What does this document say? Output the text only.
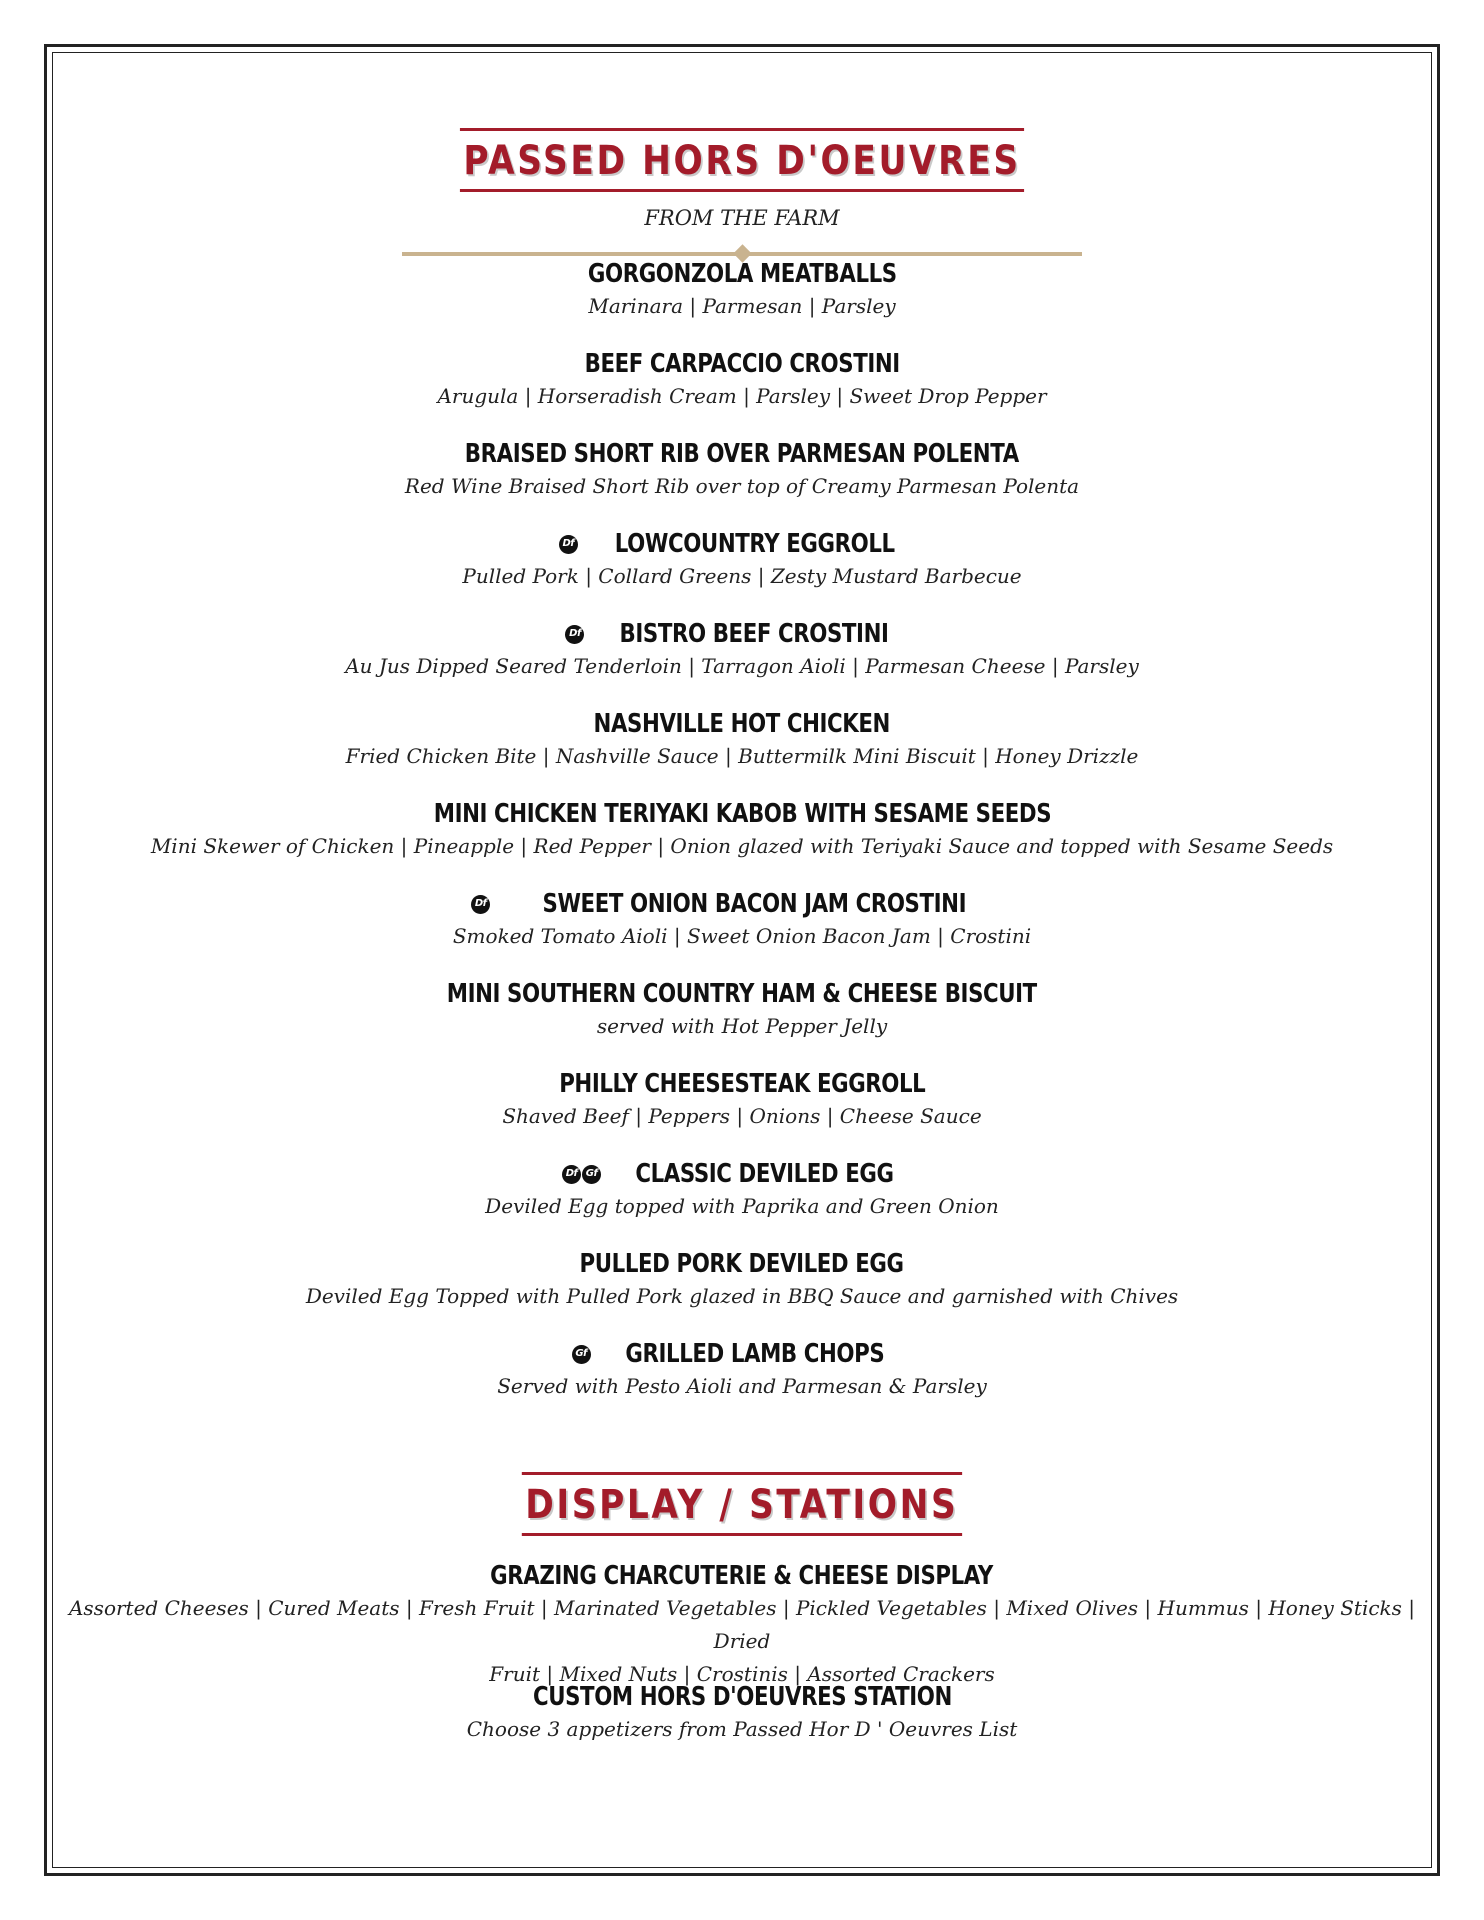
PASSED HORS D'OEUVRES
FROM THE FARM
GORGONZOLA MEATBALLS
Marinara | Parmesan | Parsley
BEEF CARPACCIO CROSTINI
Arugula | Horseradish Cream | Parsley | Sweet Drop Pepper
BRAISED SHORT RIB OVER PARMESAN POLENTA
Red Wine Braised Short Rib over top of Creamy Parmesan Polenta
Df LOWCOUNTRY EGGROLL
Pulled Pork | Collard Greens | Zesty Mustard Barbecue
Df BISTRO BEEF CROSTINI
Au Jus Dipped Seared Tenderloin | Tarragon Aioli | Parmesan Cheese | Parsley
NASHVILLE HOT CHICKEN
Fried Chicken Bite | Nashville Sauce | Buttermilk Mini Biscuit | Honey Drizzle
MINI CHICKEN TERIYAKI KABOB WITH SESAME SEEDS
Mini Skewer of Chicken | Pineapple | Red Pepper | Onion glazed with Teriyaki Sauce and topped with Sesame Seeds
Df SWEET ONION BACON JAM CROSTINI
Smoked Tomato Aioli | Sweet Onion Bacon Jam | Crostini
MINI SOUTHERN COUNTRY HAM & CHEESE BISCUIT
served with Hot Pepper Jelly
PHILLY CHEESESTEAK EGGROLL
Shaved Beef | Peppers | Onions | Cheese Sauce
Df Gf CLASSIC DEVILED EGG
Deviled Egg topped with Paprika and Green Onion
PULLED PORK DEVILED EGG
Deviled Egg Topped with Pulled Pork glazed in BBQ Sauce and garnished with Chives
Gf GRILLED LAMB CHOPS
Served with Pesto Aioli and Parmesan & Parsley
DISPLAY / STATIONS
GRAZING CHARCUTERIE & CHEESE DISPLAY
Assorted Cheeses | Cured Meats | Fresh Fruit | Marinated Vegetables | Pickled Vegetables | Mixed Olives | Hummus | Honey Sticks | Dried
Fruit | Mixed Nuts | Crostinis | Assorted Crackers
CUSTOM HORS D'OEUVRES STATION
Choose 3 appetizers from Passed Hor D ' Oeuvres List
